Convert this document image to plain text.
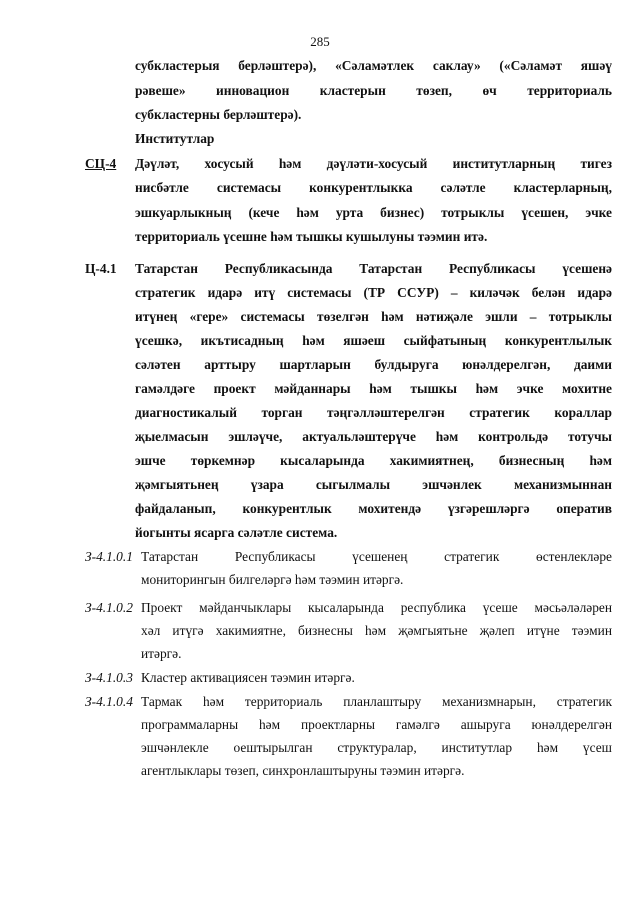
285
субкластерыя берләштерә), «Сәламәтлек саклау» («Сәламәт яшәү
рәвеше» инновацион кластерын төзеп, өч территориаль
субкластерны берләштерә).
Институтлар
СЦ-4 Дәүләт, хосусый һәм дәүләти-хосусый институтларның тигез
нисбәтле системасы конкурентлыкка сәләтле кластерларның,
эшкуарлыкның (кече һәм урта бизнес) тотрыклы үсешен, эчке
территориаль үсешне һәм тышкы кушылуны тәэмин итә.
Ц-4.1 Татарстан Республикасында Татарстан Республикасы үсешенә
стратегик идарә итү системасы (ТР ССУР) – киләчәк белән идарә
итүнең «гере» системасы төзелгән һәм нәтиҗәле эшли – тотрыклы
үсешкә, икътисадның һәм яшәеш сыйфатының конкурентлылык
сәләтен арттыру шартларын булдыруга юнәлдерелгән, даими
гамәлдәге проект мәйданнары һәм тышкы һәм эчке мохитне
диагностикалый торган тәңгәлләштерелгән стратегик кораллар
җыелмасын эшләүче, актуальләштерүче һәм контрольдә тотучы
эшче төркемнәр кысаларында хакимиятнең, бизнесның һәм
җәмгыятьнең үзара сыгылмалы эшчәнлек механизмыннан
файдаланып, конкурентлык мохитендә үзгәрешләргә оператив
йогынты ясарга сәләтле система.
З-4.1.0.1 Татарстан Республикасы үсешенең стратегик өстенлекләре
мониторингын билгеләргә һәм тәэмин итәргә.
З-4.1.0.2 Проект мәйданчыклары кысаларында республика үсеше мәсьәләләрен
хәл итүгә хакимиятне, бизнесны һәм җәмгыятьне җәлеп итүне тәэмин
итәргә.
З-4.1.0.3 Кластер активациясен тәэмин итәргә.
З-4.1.0.4 Тармак һәм территориаль планлаштыру механизмнарын, стратегик
программаларны һәм проектларны гамәлгә ашыруга юнәлдерелгән
эшчәнлекле оештырылган структуралар, институтлар һәм үсеш
агентлыклары төзеп, синхронлаштыруны тәэмин итәргә.
